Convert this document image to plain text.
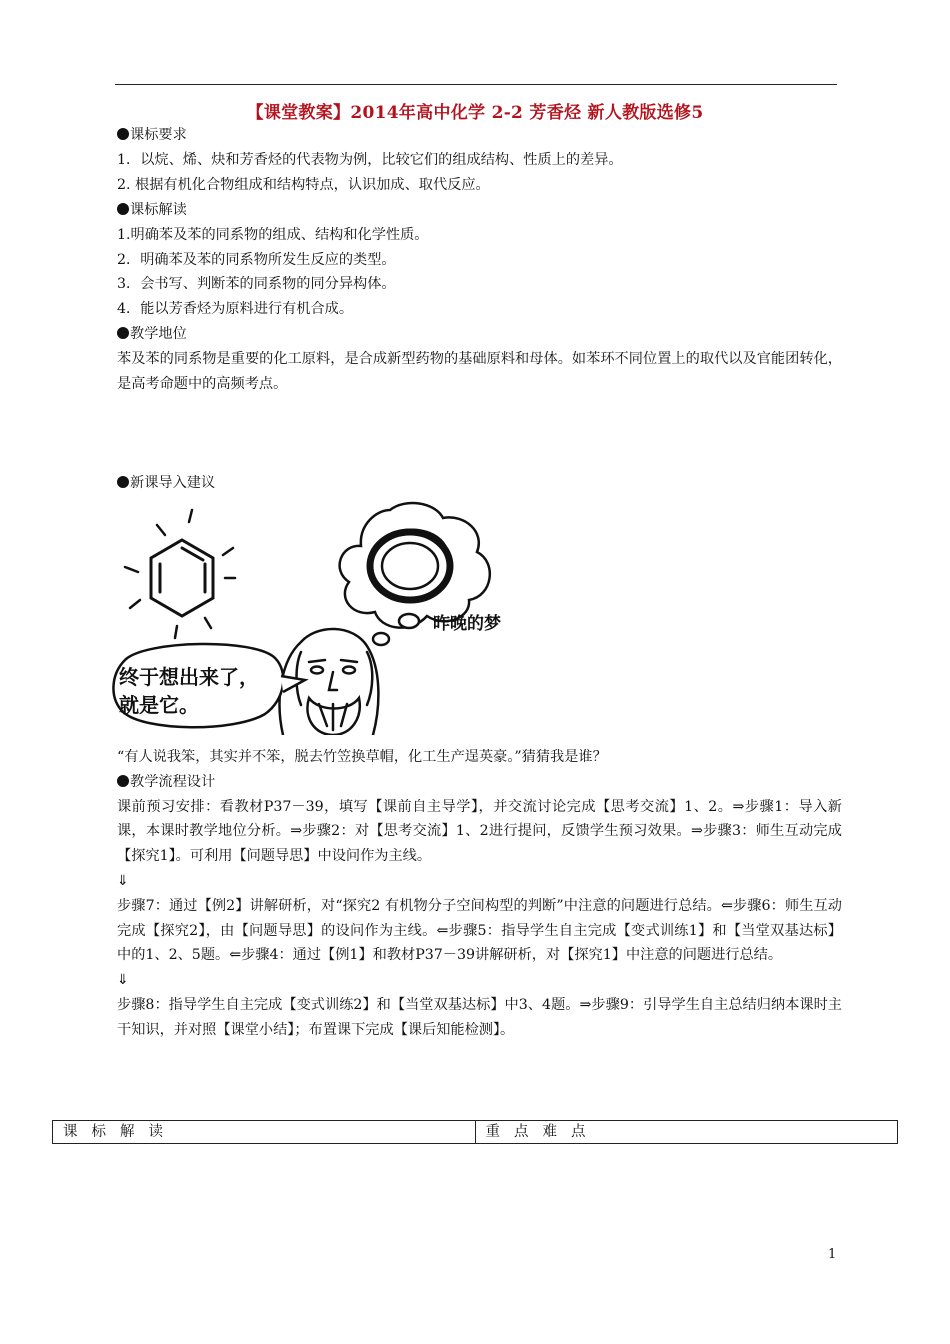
【课堂教案】2014年高中化学 2-2 芳香烃 新人教版选修5

课标要求

1．以烷、烯、炔和芳香烃的代表物为例，比较它们的组成结构、性质上的差异。

2. 根据有机化合物组成和结构特点，认识加成、取代反应。

课标解读

1.明确苯及苯的同系物的组成、结构和化学性质。

2．明确苯及苯的同系物所发生反应的类型。

3．会书写、判断苯的同系物的同分异构体。

4．能以芳香烃为原料进行有机合成。

教学地位

苯及苯的同系物是重要的化工原料，是合成新型药物的基础原料和母体。如苯环不同位置上的取代以及官能团转化，是高考命题中的高频考点。

新课导入建议

昨晚的梦
终于想出来了，
就是它。

“有人说我笨，其实并不笨，脱去竹笠换草帽，化工生产逞英豪。”猜猜我是谁？

教学流程设计

课前预习安排：看教材P37－39，填写【课前自主导学】，并交流讨论完成【思考交流】1、2。⇒步骤1：导入新课，本课时教学地位分析。⇒步骤2：对【思考交流】1、2进行提问，反馈学生预习效果。⇒步骤3：师生互动完成【探究1】。可利用【问题导思】中设问作为主线。

⇓

步骤7：通过【例2】讲解研析，对“探究2 有机物分子空间构型的判断”中注意的问题进行总结。⇐步骤6：师生互动完成【探究2】，由【问题导思】的设问作为主线。⇐步骤5：指导学生自主完成【变式训练1】和【当堂双基达标】中的1、2、5题。⇐步骤4：通过【例1】和教材P37－39讲解研析，对【探究1】中注意的问题进行总结。

⇓

步骤8：指导学生自主完成【变式训练2】和【当堂双基达标】中3、4题。⇒步骤9：引导学生自主总结归纳本课时主干知识，并对照【课堂小结】；布置课下完成【课后知能检测】。

课标解读	重点难点
1
